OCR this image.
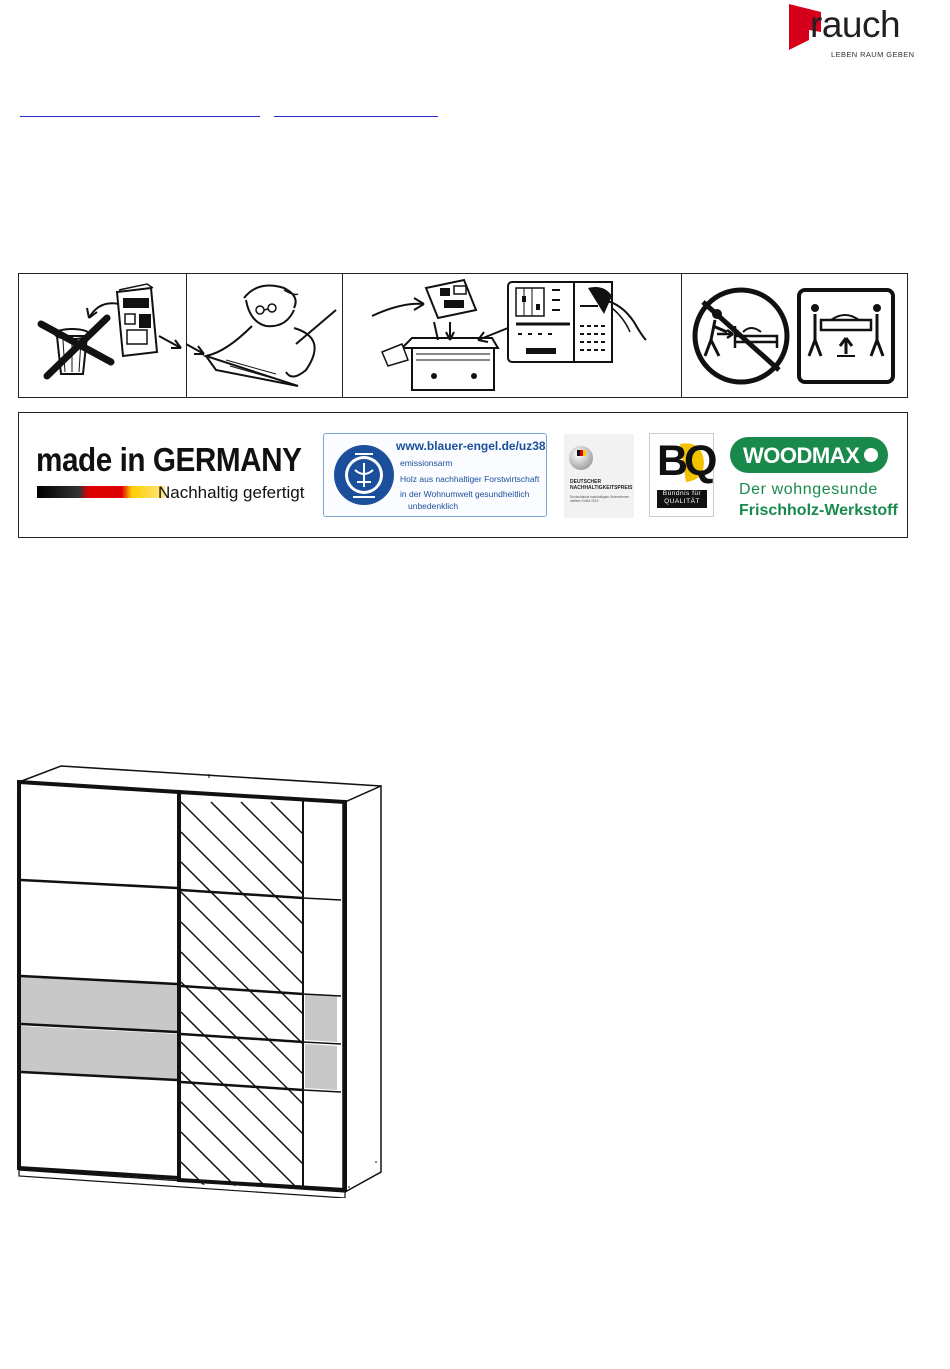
rauch
LEBEN RAUM GEBEN
made in GERMANY
Nachhaltig gefertigt
www.blauer-engel.de/uz38
emissionsarm
Holz aus nachhaltiger Forstwirtschaft
in der Wohnumwelt gesundheitlich
unbedenklich
DEUTSCHER
NACHHALTIGKEITSPREIS
Deutschlands nachhaltigste Unternehmen mittlere Größe 2015
BQ
Bündnis für
QUALITÄT
WOODMAX
Der wohngesunde
Frischholz-Werkstoff
